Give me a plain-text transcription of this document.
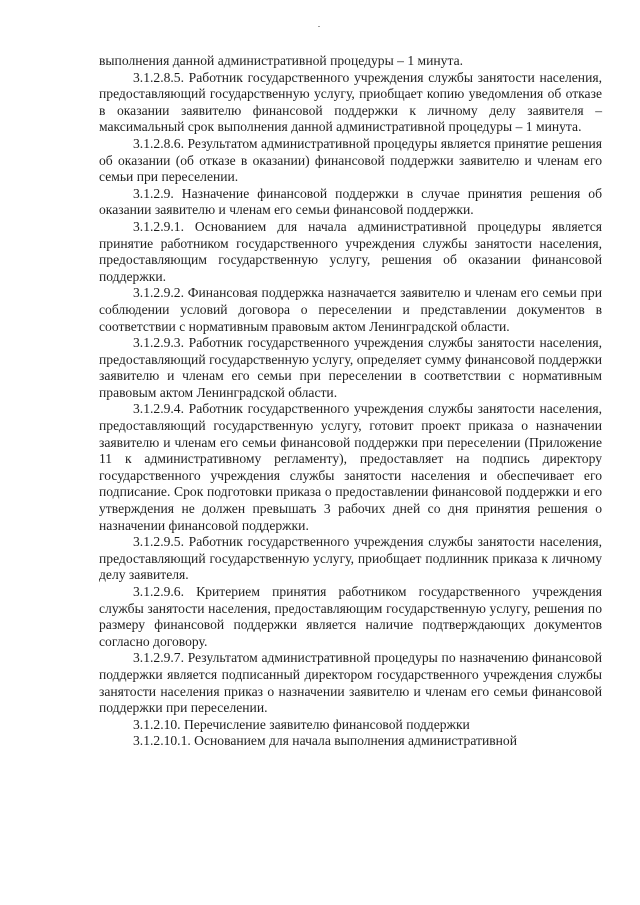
выполнения данной административной процедуры – 1 минута.

3.1.2.8.5. Работник государственного учреждения службы занятости населения, предоставляющий государственную услугу, приобщает копию уведомления об отказе в оказании заявителю финансовой поддержки к личному делу заявителя – максимальный срок выполнения данной административной процедуры – 1 минута.

3.1.2.8.6. Результатом административной процедуры является принятие решения об оказании (об отказе в оказании) финансовой поддержки заявителю и членам его семьи при переселении.

3.1.2.9. Назначение финансовой поддержки в случае принятия решения об оказании заявителю и членам его семьи финансовой поддержки.

3.1.2.9.1. Основанием для начала административной процедуры является принятие работником государственного учреждения службы занятости населения, предоставляющим государственную услугу, решения об оказании финансовой поддержки.

3.1.2.9.2. Финансовая поддержка назначается заявителю и членам его семьи при соблюдении условий договора о переселении и представлении документов в соответствии с нормативным правовым актом Ленинградской области.

3.1.2.9.3. Работник государственного учреждения службы занятости населения, предоставляющий государственную услугу, определяет сумму финансовой поддержки заявителю и членам его семьи при переселении в соответствии с нормативным правовым актом Ленинградской области.

3.1.2.9.4. Работник государственного учреждения службы занятости населения, предоставляющий государственную услугу, готовит проект приказа о назначении заявителю и членам его семьи финансовой поддержки при переселении (Приложение 11 к административному регламенту), предоставляет на подпись директору государственного учреждения службы занятости населения и обеспечивает его подписание. Срок подготовки приказа о предоставлении финансовой поддержки и его утверждения не должен превышать 3 рабочих дней со дня принятия решения о назначении финансовой поддержки.

3.1.2.9.5. Работник государственного учреждения службы занятости населения, предоставляющий государственную услугу, приобщает подлинник приказа к личному делу заявителя.

3.1.2.9.6. Критерием принятия работником государственного учреждения службы занятости населения, предоставляющим государственную услугу, решения по размеру финансовой поддержки является наличие подтверждающих документов согласно договору.

3.1.2.9.7. Результатом административной процедуры по назначению финансовой поддержки является подписанный директором государственного учреждения службы занятости населения приказ о назначении заявителю и членам его семьи финансовой поддержки при переселении.

3.1.2.10. Перечисление заявителю финансовой поддержки

3.1.2.10.1. Основанием для начала выполнения административной
